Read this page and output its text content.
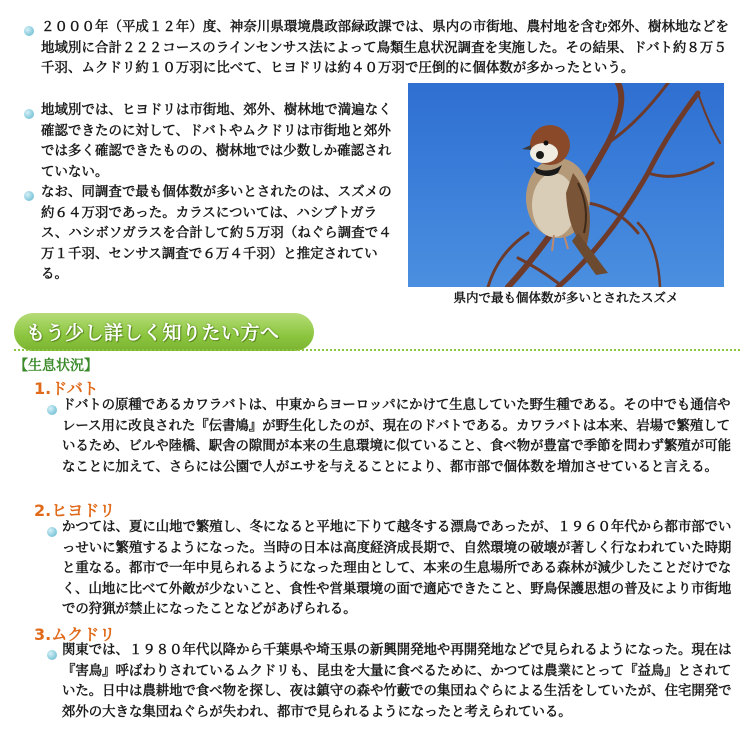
２０００年（平成１２年）度、神奈川県環境農政部緑政課では、県内の市街地、農村地を含む郊外、樹林地などを地域別に合計２２２コースのラインセンサス法によって鳥類生息状況調査を実施した。その結果、ドバト約８万５千羽、ムクドリ約１０万羽に比べて、ヒヨドリは約４０万羽で圧倒的に個体数が多かったという。

地域別では、ヒヨドリは市街地、郊外、樹林地で満遍なく確認できたのに対して、ドバトやムクドリは市街地と郊外では多く確認できたものの、樹林地では少数しか確認されていない。

なお、同調査で最も個体数が多いとされたのは、スズメの約６４万羽であった。カラスについては、ハシブトガラス、ハシボソガラスを合計して約５万羽（ねぐら調査で４万１千羽、センサス調査で６万４千羽）と推定されている。

県内で最も個体数が多いとされたスズメ
もう少し詳しく知りたい方へ
【生息状況】
1.ドバト

ドバトの原種であるカワラバトは、中東からヨーロッパにかけて生息していた野生種である。その中でも通信やレース用に改良された『伝書鳩』が野生化したのが、現在のドバトである。カワラバトは本来、岩場で繁殖しているため、ビルや陸橋、駅舎の隙間が本来の生息環境に似ていること、食べ物が豊富で季節を問わず繁殖が可能なことに加えて、さらには公園で人がエサを与えることにより、都市部で個体数を増加させていると言える。

2.ヒヨドリ

かつては、夏に山地で繁殖し、冬になると平地に下りて越冬する漂鳥であったが、１９６０年代から都市部でいっせいに繁殖するようになった。当時の日本は高度経済成長期で、自然環境の破壊が著しく行なわれていた時期と重なる。都市で一年中見られるようになった理由として、本来の生息場所である森林が減少したことだけでなく、山地に比べて外敵が少ないこと、食性や営巣環境の面で適応できたこと、野鳥保護思想の普及により市街地での狩猟が禁止になったことなどがあげられる。

3.ムクドリ

関東では、１９８０年代以降から千葉県や埼玉県の新興開発地や再開発地などで見られるようになった。現在は『害鳥』呼ばわりされているムクドリも、昆虫を大量に食べるために、かつては農業にとって『益鳥』とされていた。日中は農耕地で食べ物を探し、夜は鎮守の森や竹藪での集団ねぐらによる生活をしていたが、住宅開発で郊外の大きな集団ねぐらが失われ、都市で見られるようになったと考えられている。
